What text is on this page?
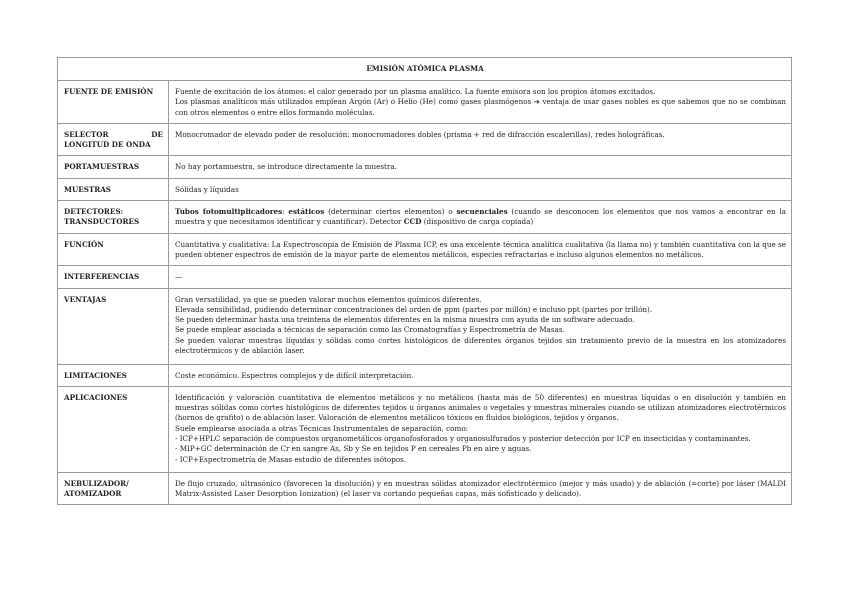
EMISIÓN ATÓMICA PLASMA	
FUENTE DE EMISIÓN	Fuente de excitación de los átomos: el calor generado por un plasma analítico. La fuente emisora son los propios átomos excitados.
Los plasmas analíticos más utilizados emplean Argón (Ar) o Helio (He) como gases plasmógenos ➔ ventaja de usar gases nobles es que sabemos que no se combinan con otros elementos o entre ellos formando moléculas.

SELECTOR DE LONGITUD DE ONDA	Monocromador de elevado poder de resolución: monocromadores dobles (prisma + red de difracción escalerillas), redes holográficas.

PORTAMUESTRAS	No hay portamuestra, se introduce directamente la muestra.

MUESTRAS	Sólidas y líquidas

DETECTORES: TRANSDUCTORES	Tubos fotomultiplicadores: estáticos (determinar ciertos elementos) o secuenciales (cuando se desconocen los elementos que nos vamos a encontrar en la muestra y que necesitamos identificar y cuantificar). Detector CCD (dispositivo de carga copiada)
FUNCIÓN	Cuantitativa y cualitativa: La Espectroscopia de Emisión de Plasma ICP, es una excelente técnica analítica cualitativa (la llama no) y también cuantitativa con la que se pueden obtener espectros de emisión de la mayor parte de elementos metálicos, especies refractarias e incluso algunos elementos no metálicos.

INTERFERENCIAS	—

VENTAJAS	Gran versatilidad, ya que se pueden valorar muchos elementos químicos diferentes.
Elevada sensibilidad, pudiendo determinar concentraciones del orden de ppm (partes por millón) e incluso ppt (partes por trillón).
Se pueden determinar hasta una treintena de elementos diferentes en la misma muestra con ayuda de un software adecuado.
Se puede emplear asociada a técnicas de separación como las Cromatografías y Espectrometría de Masas.
Se pueden valorar muestras líquidas y sólidas como cortes histológicos de diferentes órganos tejidos sin tratamiento previo de la muestra en los atomizadores electrotérmicos y de ablación laser.

LIMITACIONES	Coste económico. Espectros complejos y de difícil interpretación.

APLICACIONES	Identificación y valoración cuantitativa de elementos metálicos y no metálicos (hasta más de 50 diferentes) en muestras líquidas o en disolución y también en muestras sólidas como cortes histológicos de diferentes tejidos u órganos animales o vegetales y muestras minerales cuando se utilizan atomizadores electrotérmicos (hornos de grafito) o de ablación laser. Valoración de elementos metálicos tóxicos en fluidos biológicos, tejidos y órganos.
Suele emplearse asociada a otras Técnicas Instrumentales de separación, como:
- ICP+HPLC separación de compuestos organometálicos organofosforados y organosulfurados y posterior detección por ICP en insecticidas y contaminantes.
- MIP+GC determinación de Cr en sangre As, Sb y Se en tejidos P en cereales Pb en aire y aguas.
- ICP+Espectrometría de Masas estudio de diferentes isótopos.

NEBULIZADOR/ ATOMIZADOR	De flujo cruzado, ultrasónico (favorecen la disolución) y en muestras sólidas atomizador electrotérmico (mejor y más usado) y de ablación (=corte) por láser (MALDI Matrix-Assisted Laser Desorption Ionization) (el laser va cortando pequeñas capas, más sofisticado y delicado).
